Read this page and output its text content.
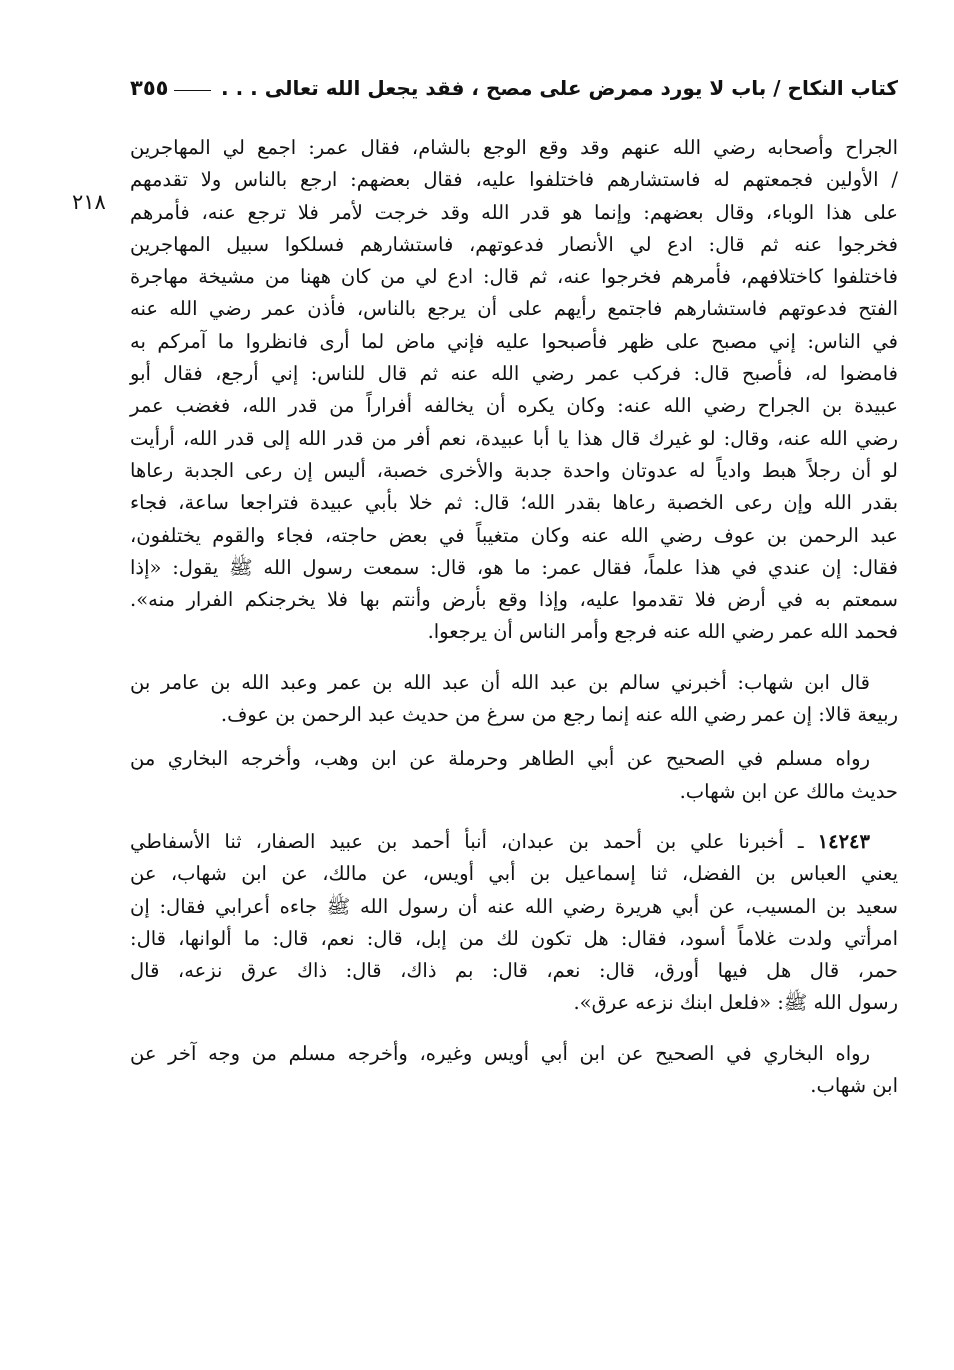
كتاب النكاح / باب لا يورد ممرض على مصح ، فقد يجعل الله تعالى . . .
٣٥٥
٢١٨
الجراح وأصحابه رضي الله عنهم وقد وقع الوجع بالشام، فقال عمر: اجمع لي المهاجرين
/ الأولين فجمعتهم له فاستشارهم فاختلفوا عليه، فقال بعضهم: ارجع بالناس ولا تقدمهم
على هذا الوباء، وقال بعضهم: وإنما هو قدر الله وقد خرجت لأمر فلا ترجع عنه، فأمرهم
فخرجوا عنه ثم قال: ادع لي الأنصار فدعوتهم، فاستشارهم فسلكوا سبيل المهاجرين
فاختلفوا كاختلافهم، فأمرهم فخرجوا عنه، ثم قال: ادع لي من كان ههنا من مشيخة مهاجرة
الفتح فدعوتهم فاستشارهم فاجتمع رأيهم على أن يرجع بالناس، فأذن عمر رضي الله عنه
في الناس: إني مصبح على ظهر فأصبحوا عليه فإني ماض لما أرى فانظروا ما آمركم به
فامضوا له، فأصبح قال: فركب عمر رضي الله عنه ثم قال للناس: إني أرجع، فقال أبو
عبيدة بن الجراح رضي الله عنه: وكان يكره أن يخالفه أفراراً من قدر الله، فغضب عمر
رضي الله عنه، وقال: لو غيرك قال هذا يا أبا عبيدة، نعم أفر من قدر الله إلى قدر الله، أرأيت
لو أن رجلاً هبط وادياً له عدوتان واحدة جدبة والأخرى خصبة، أليس إن رعى الجدبة رعاها
بقدر الله وإن رعى الخصبة رعاها بقدر الله؛ قال: ثم خلا بأبي عبيدة فتراجعا ساعة، فجاء
عبد الرحمن بن عوف رضي الله عنه وكان متغيباً في بعض حاجته، فجاء والقوم يختلفون،
فقال: إن عندي في هذا علماً، فقال عمر: ما هو، قال: سمعت رسول الله ﷺ يقول: «إذا
سمعتم به في أرض فلا تقدموا عليه، وإذا وقع بأرض وأنتم بها فلا يخرجنكم الفرار منه».
فحمد الله عمر رضي الله عنه فرجع وأمر الناس أن يرجعوا.
قال ابن شهاب: أخبرني سالم بن عبد الله أن عبد الله بن عمر وعبد الله بن عامر بن
ربيعة قالا: إن عمر رضي الله عنه إنما رجع من سرغ من حديث عبد الرحمن بن عوف.
رواه مسلم في الصحيح عن أبي الطاهر وحرملة عن ابن وهب، وأخرجه البخاري من
حديث مالك عن ابن شهاب.
١٤٢٤٣ ـ أخبرنا علي بن أحمد بن عبدان، أنبأ أحمد بن عبيد الصفار، ثنا الأسفاطي
يعني العباس بن الفضل، ثنا إسماعيل بن أبي أويس، عن مالك، عن ابن شهاب، عن
سعيد بن المسيب، عن أبي هريرة رضي الله عنه أن رسول الله ﷺ جاءه أعرابي فقال: إن
امرأتي ولدت غلاماً أسود، فقال: هل تكون لك من إبل، قال: نعم، قال: ما ألوانها، قال:
حمر، قال هل فيها أورق، قال: نعم، قال: بم ذاك، قال: ذاك عرق نزعه، قال
رسول الله ﷺ: «فلعل ابنك نزعه عرق».
رواه البخاري في الصحيح عن ابن أبي أويس وغيره، وأخرجه مسلم من وجه آخر عن
ابن شهاب.
